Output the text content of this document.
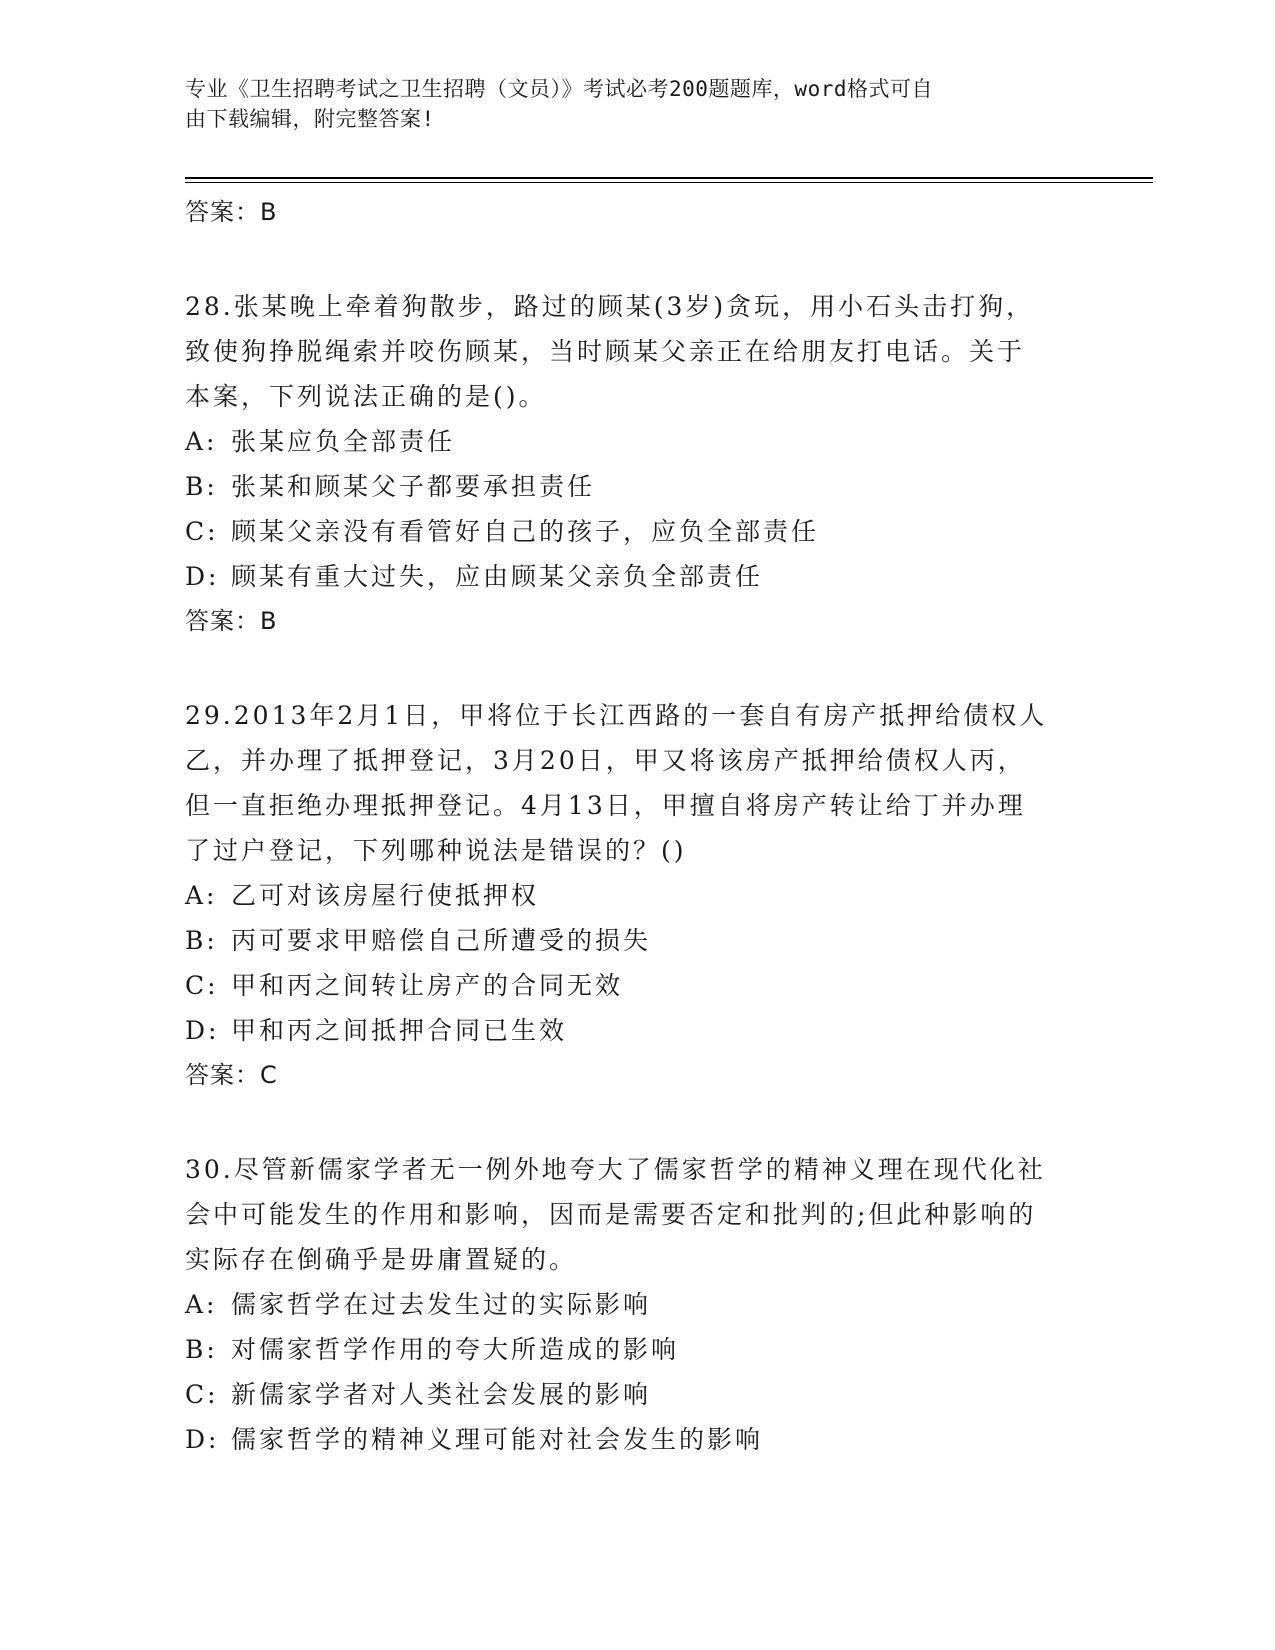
专业《卫生招聘考试之卫生招聘（文员）》考试必考200题题库，word格式可自
由下载编辑，附完整答案!
答案：B
28.张某晚上牵着狗散步，路过的顾某(3岁)贪玩，用小石头击打狗，
致使狗挣脱绳索并咬伤顾某，当时顾某父亲正在给朋友打电话。关于
本案，下列说法正确的是()。
A: 张某应负全部责任
B: 张某和顾某父子都要承担责任
C: 顾某父亲没有看管好自己的孩子，应负全部责任
D: 顾某有重大过失，应由顾某父亲负全部责任
答案：B
29.2013年2月1日，甲将位于长江西路的一套自有房产抵押给债权人
乙，并办理了抵押登记，3月20日，甲又将该房产抵押给债权人丙，
但一直拒绝办理抵押登记。4月13日，甲擅自将房产转让给丁并办理
了过户登记，下列哪种说法是错误的？()
A: 乙可对该房屋行使抵押权
B: 丙可要求甲赔偿自己所遭受的损失
C: 甲和丙之间转让房产的合同无效
D: 甲和丙之间抵押合同已生效
答案：C
30.尽管新儒家学者无一例外地夸大了儒家哲学的精神义理在现代化社
会中可能发生的作用和影响，因而是需要否定和批判的;但此种影响的
实际存在倒确乎是毋庸置疑的。
A: 儒家哲学在过去发生过的实际影响
B: 对儒家哲学作用的夸大所造成的影响
C: 新儒家学者对人类社会发展的影响
D: 儒家哲学的精神义理可能对社会发生的影响
